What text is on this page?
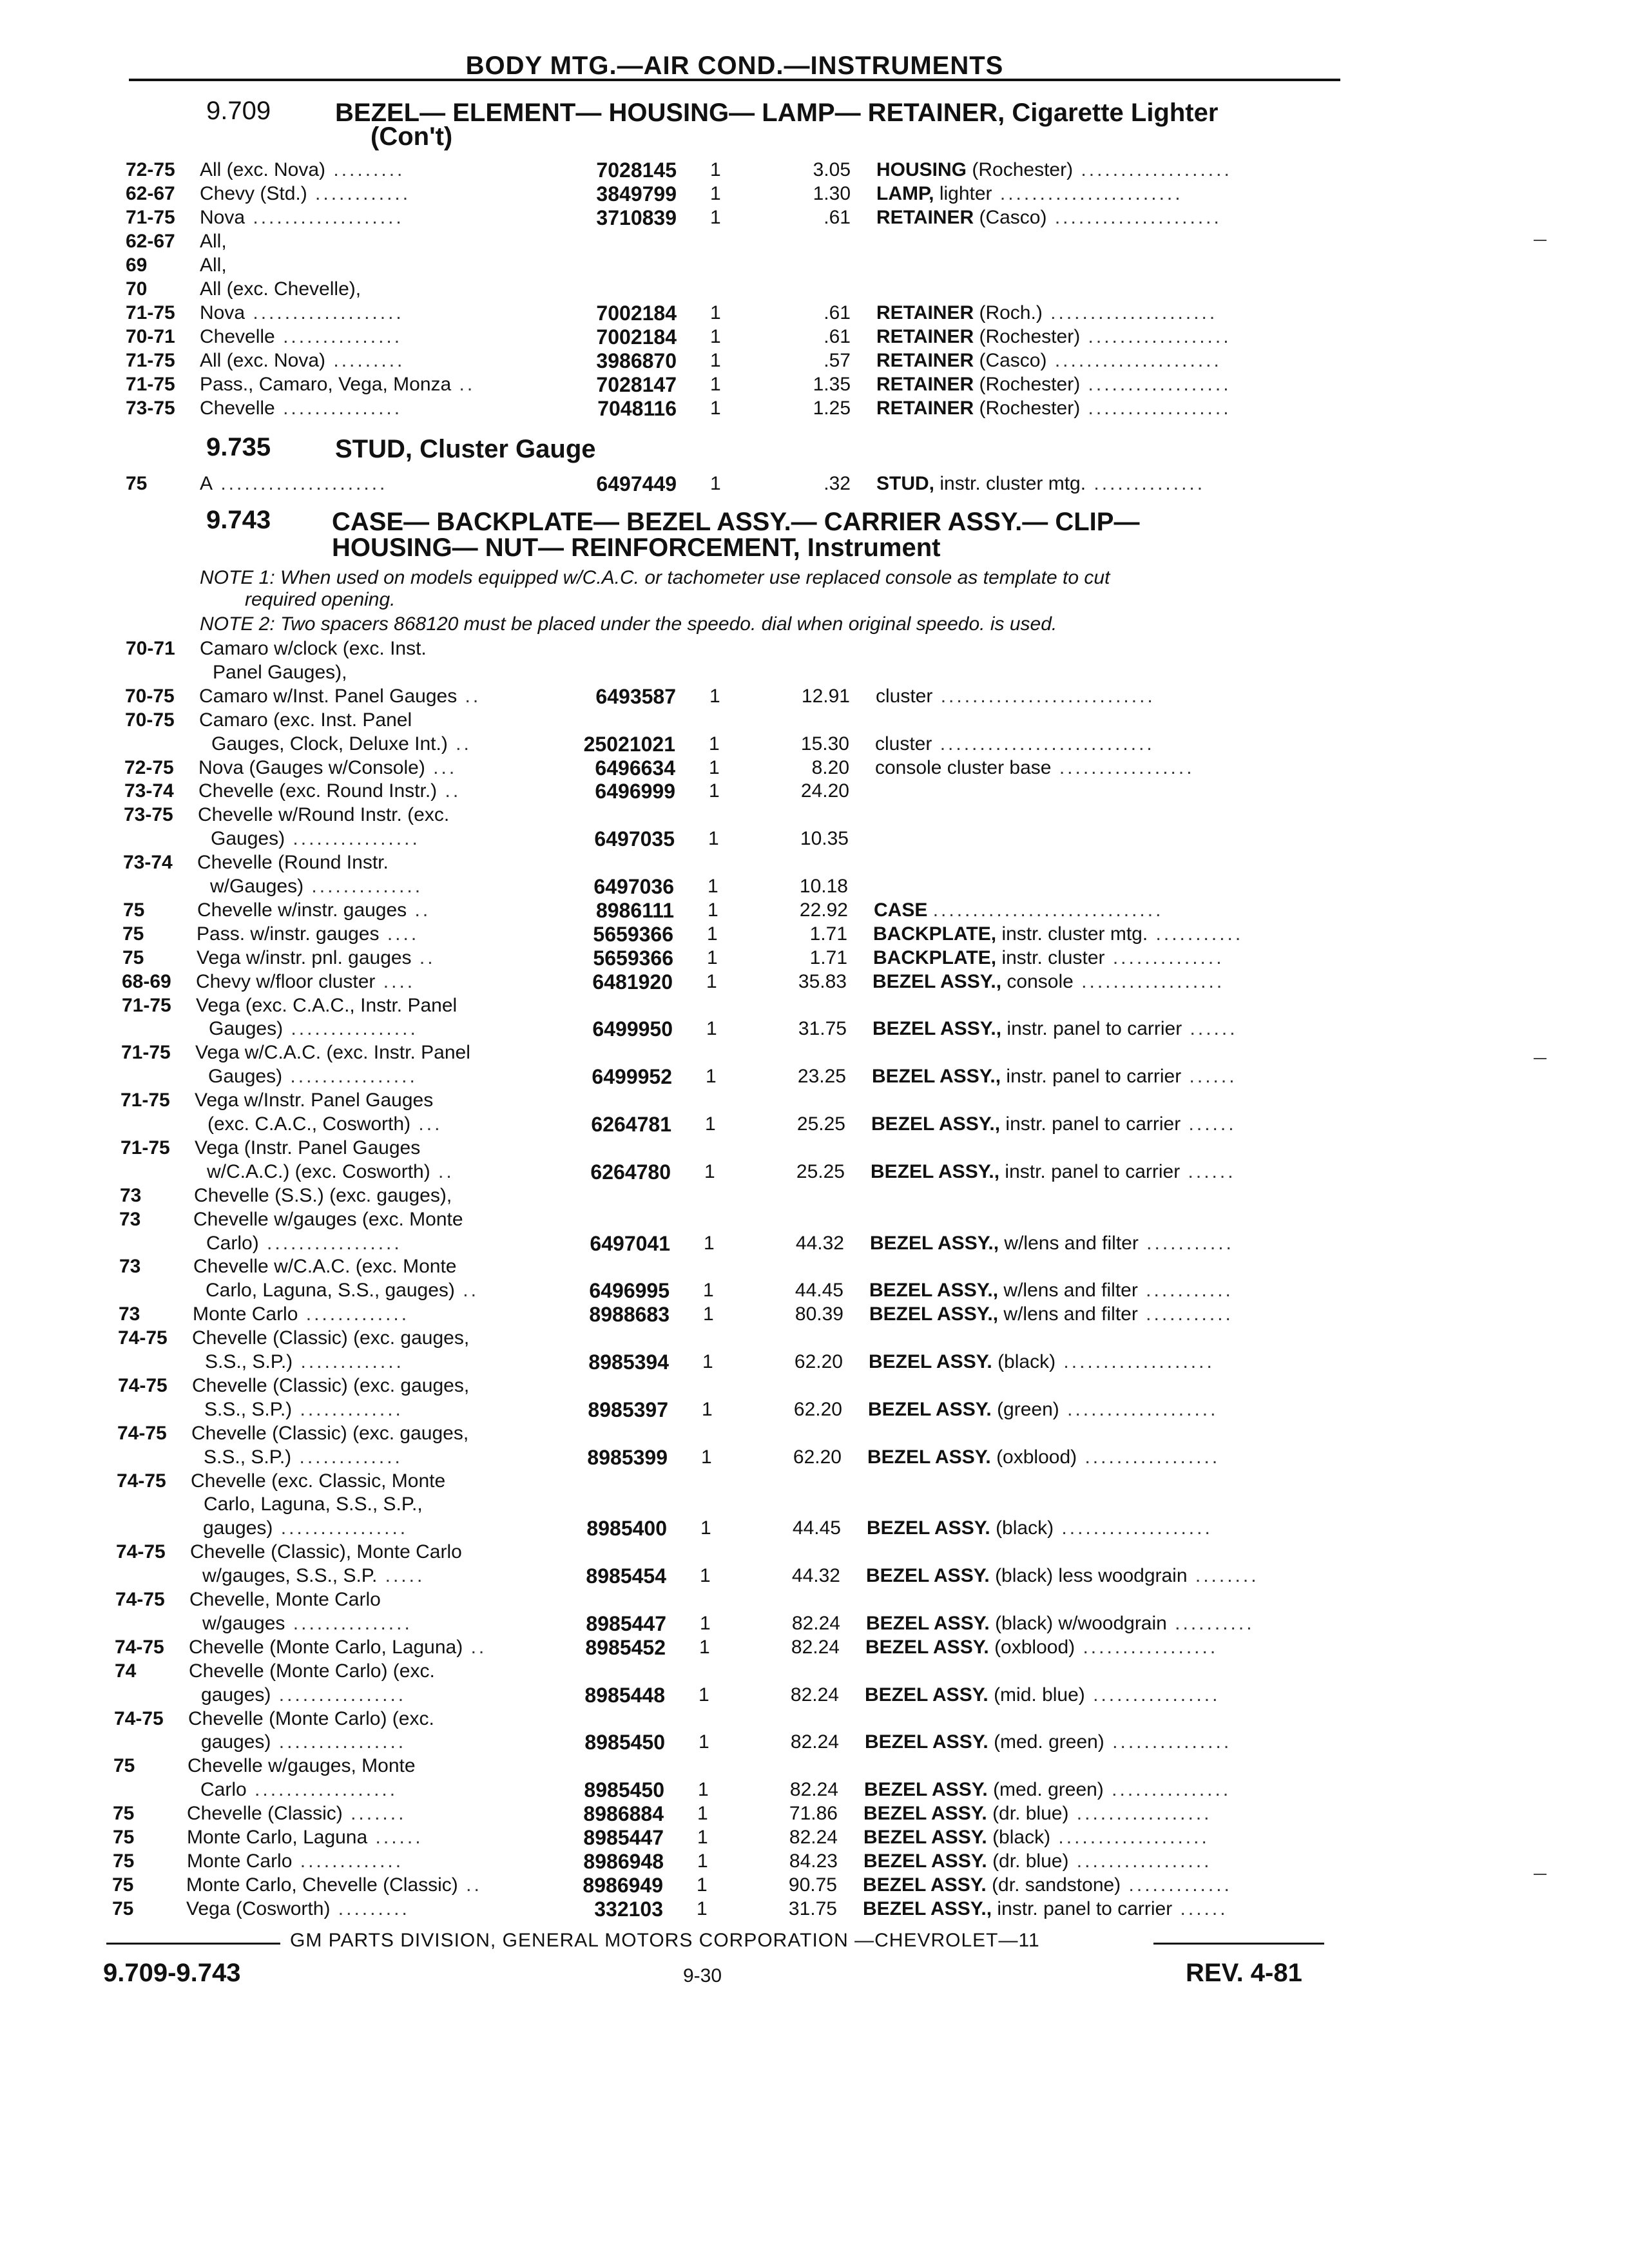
BODY MTG.—AIR COND.—INSTRUMENTS
9.709 BEZEL— ELEMENT— HOUSING— LAMP— RETAINER, Cigarette Lighter
(Con't)
9.735 STUD, Cluster Gauge
9.743 CASE— BACKPLATE— BEZEL ASSY.— CARRIER ASSY.— CLIP—
HOUSING— NUT— REINFORCEMENT, Instrument
NOTE 1: When used on models equipped w/C.A.C. or tachometer use replaced console as template to cut
required opening.
NOTE 2: Two spacers 868120 must be placed under the speedo. dial when original speedo. is used.
72-75 All (exc. Nova) .........	7028145 1	3.05 HOUSING (Rochester) ...................
62-67 Chevy (Std.) ............	3849799 1	1.30 LAMP, lighter .......................
71-75 Nova ...................	3710839 1	.61 RETAINER (Casco) .....................
62-67 All,
69	All,
70	All (exc. Chevelle),
71-75 Nova ...................	7002184 1	.61 RETAINER (Roch.) .....................
70-71 Chevelle ...............	7002184 1	.61 RETAINER (Rochester) ..................
71-75 All (exc. Nova) .........	3986870 1	.57 RETAINER (Casco) .....................
71-75 Pass., Camaro, Vega, Monza ..	7028147 1	1.35 RETAINER (Rochester) ..................
73-75 Chevelle ...............	7048116 1	1.25 RETAINER (Rochester) ..................
75	A .....................	6497449 1	.32 STUD, instr. cluster mtg. ..............
70-71 Camaro w/clock (exc. Inst.
Panel Gauges),
70-75 Camaro w/Inst. Panel Gauges ..	6493587 1	12.91 cluster ...........................
70-75 Camaro (exc. Inst. Panel
Gauges, Clock, Deluxe Int.) ..	25021021 1	15.30 cluster ...........................
72-75 Nova (Gauges w/Console) ...	6496634 1	8.20 console cluster base .................
73-74 Chevelle (exc. Round Instr.) ..	6496999 1	24.20
73-75 Chevelle w/Round Instr. (exc.
Gauges) ................	6497035 1	10.35
73-74 Chevelle (Round Instr.
w/Gauges) ..............	6497036 1	10.18
75	Chevelle w/instr. gauges ..	8986111 1	22.92 CASE .............................
75	Pass. w/instr. gauges ....	5659366 1	1.71 BACKPLATE, instr. cluster mtg. ...........
75	Vega w/instr. pnl. gauges ..	5659366 1	1.71 BACKPLATE, instr. cluster ..............
68-69 Chevy w/floor cluster ....	6481920 1	35.83 BEZEL ASSY., console ..................
71-75 Vega (exc. C.A.C., Instr. Panel
Gauges) ................	6499950 1	31.75 BEZEL ASSY., instr. panel to carrier ......
71-75 Vega w/C.A.C. (exc. Instr. Panel
Gauges) ................	6499952 1	23.25 BEZEL ASSY., instr. panel to carrier ......
71-75 Vega w/Instr. Panel Gauges
(exc. C.A.C., Cosworth) ...	6264781 1	25.25 BEZEL ASSY., instr. panel to carrier ......
71-75 Vega (Instr. Panel Gauges
w/C.A.C.) (exc. Cosworth) ..	6264780 1	25.25 BEZEL ASSY., instr. panel to carrier ......
73	Chevelle (S.S.) (exc. gauges),
73	Chevelle w/gauges (exc. Monte
Carlo) .................	6497041 1	44.32 BEZEL ASSY., w/lens and filter ...........
73	Chevelle w/C.A.C. (exc. Monte
Carlo, Laguna, S.S., gauges) ..	6496995 1	44.45 BEZEL ASSY., w/lens and filter ...........
73	Monte Carlo .............	8988683 1	80.39 BEZEL ASSY., w/lens and filter ...........
74-75 Chevelle (Classic) (exc. gauges,
S.S., S.P.) .............	8985394 1	62.20 BEZEL ASSY. (black) ...................
74-75 Chevelle (Classic) (exc. gauges,
S.S., S.P.) .............	8985397 1	62.20 BEZEL ASSY. (green) ...................
74-75 Chevelle (Classic) (exc. gauges,
S.S., S.P.) .............	8985399 1	62.20 BEZEL ASSY. (oxblood) .................
74-75 Chevelle (exc. Classic, Monte
Carlo, Laguna, S.S., S.P.,
gauges) ................	8985400 1	44.45 BEZEL ASSY. (black) ...................
74-75 Chevelle (Classic), Monte Carlo
w/gauges, S.S., S.P. .....	8985454 1	44.32 BEZEL ASSY. (black) less woodgrain ........
74-75 Chevelle, Monte Carlo
w/gauges ...............	8985447 1	82.24 BEZEL ASSY. (black) w/woodgrain ..........
74-75 Chevelle (Monte Carlo, Laguna) ..	8985452 1	82.24 BEZEL ASSY. (oxblood) .................
74	Chevelle (Monte Carlo) (exc.
gauges) ................	8985448 1	82.24 BEZEL ASSY. (mid. blue) ................
74-75 Chevelle (Monte Carlo) (exc.
gauges) ................	8985450 1	82.24 BEZEL ASSY. (med. green) ...............
75	Chevelle w/gauges, Monte
Carlo ..................	8985450 1	82.24 BEZEL ASSY. (med. green) ...............
75	Chevelle (Classic) .......	8986884 1	71.86 BEZEL ASSY. (dr. blue) .................
75	Monte Carlo, Laguna ......	8985447 1	82.24 BEZEL ASSY. (black) ...................
75	Monte Carlo .............	8986948 1	84.23 BEZEL ASSY. (dr. blue) .................
75	Monte Carlo, Chevelle (Classic) ..	8986949 1	90.75 BEZEL ASSY. (dr. sandstone) .............
75	Vega (Cosworth) .........	332103 1	31.75 BEZEL ASSY., instr. panel to carrier ......
GM PARTS DIVISION, GENERAL MOTORS CORPORATION —CHEVROLET—11
9.709-9.743	9-30	REV. 4-81
